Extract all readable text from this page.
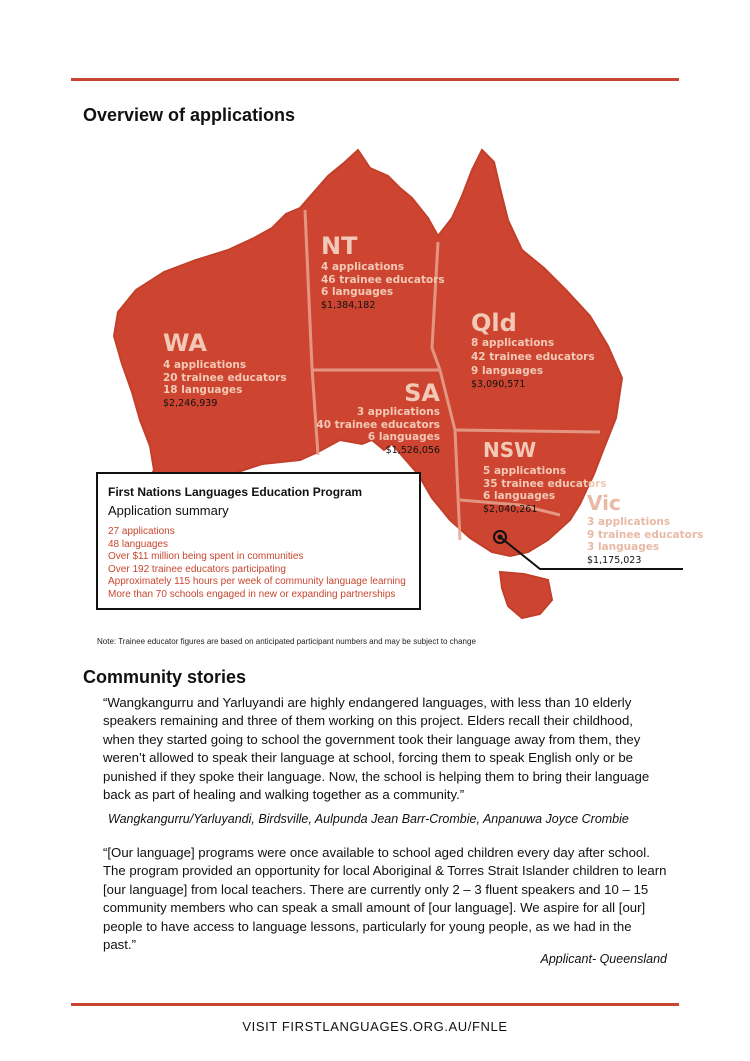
Overview of applications
WA
4 applications
20 trainee educators
18 languages
$2,246,939
NT
4 applications
46 trainee educators
6 languages
$1,384,182
Qld
8 applications
42 trainee educators
9 languages
$3,090,571
SA
3 applications
40 trainee educators
6 languages
$1,526,056 NSW
5 applications
35 trainee educators
6 languages
$2,040,261	Vic
3 applications
9 trainee educators
3 languages
$1,175,023
First Nations Languages Education Program
Application summary
27 applications
48 languages
Over $11 million being spent in communities
Over 192 trainee educators participating
Approximately 115 hours per week of community language learning
More than 70 schools engaged in new or expanding partnerships
Note: Trainee educator figures are based on anticipated participant numbers and may be subject to change
Community stories
“Wangkangurru and Yarluyandi are highly endangered languages, with less than 10 elderly speakers remaining and three of them working on this project. Elders recall their childhood, when they started going to school the government took their language away from them, they weren’t allowed to speak their language at school, forcing them to speak English only or be punished if they spoke their language. Now, the school is helping them to bring their language back as part of healing and walking together as a community.”
Wangkangurru/Yarluyandi, Birdsville, Aulpunda Jean Barr-Crombie, Anpanuwa Joyce Crombie
“[Our language] programs were once available to school aged children every day after school. The program provided an opportunity for local Aboriginal & Torres Strait Islander children to learn [our language] from local teachers. There are currently only 2 – 3 fluent speakers and 10 – 15 community members who can speak a small amount of [our language]. We aspire for all [our] people to have access to language lessons, particularly for young people, as we had in the past.”
Applicant- Queensland
VISIT FIRSTLANGUAGES.ORG.AU/FNLE
